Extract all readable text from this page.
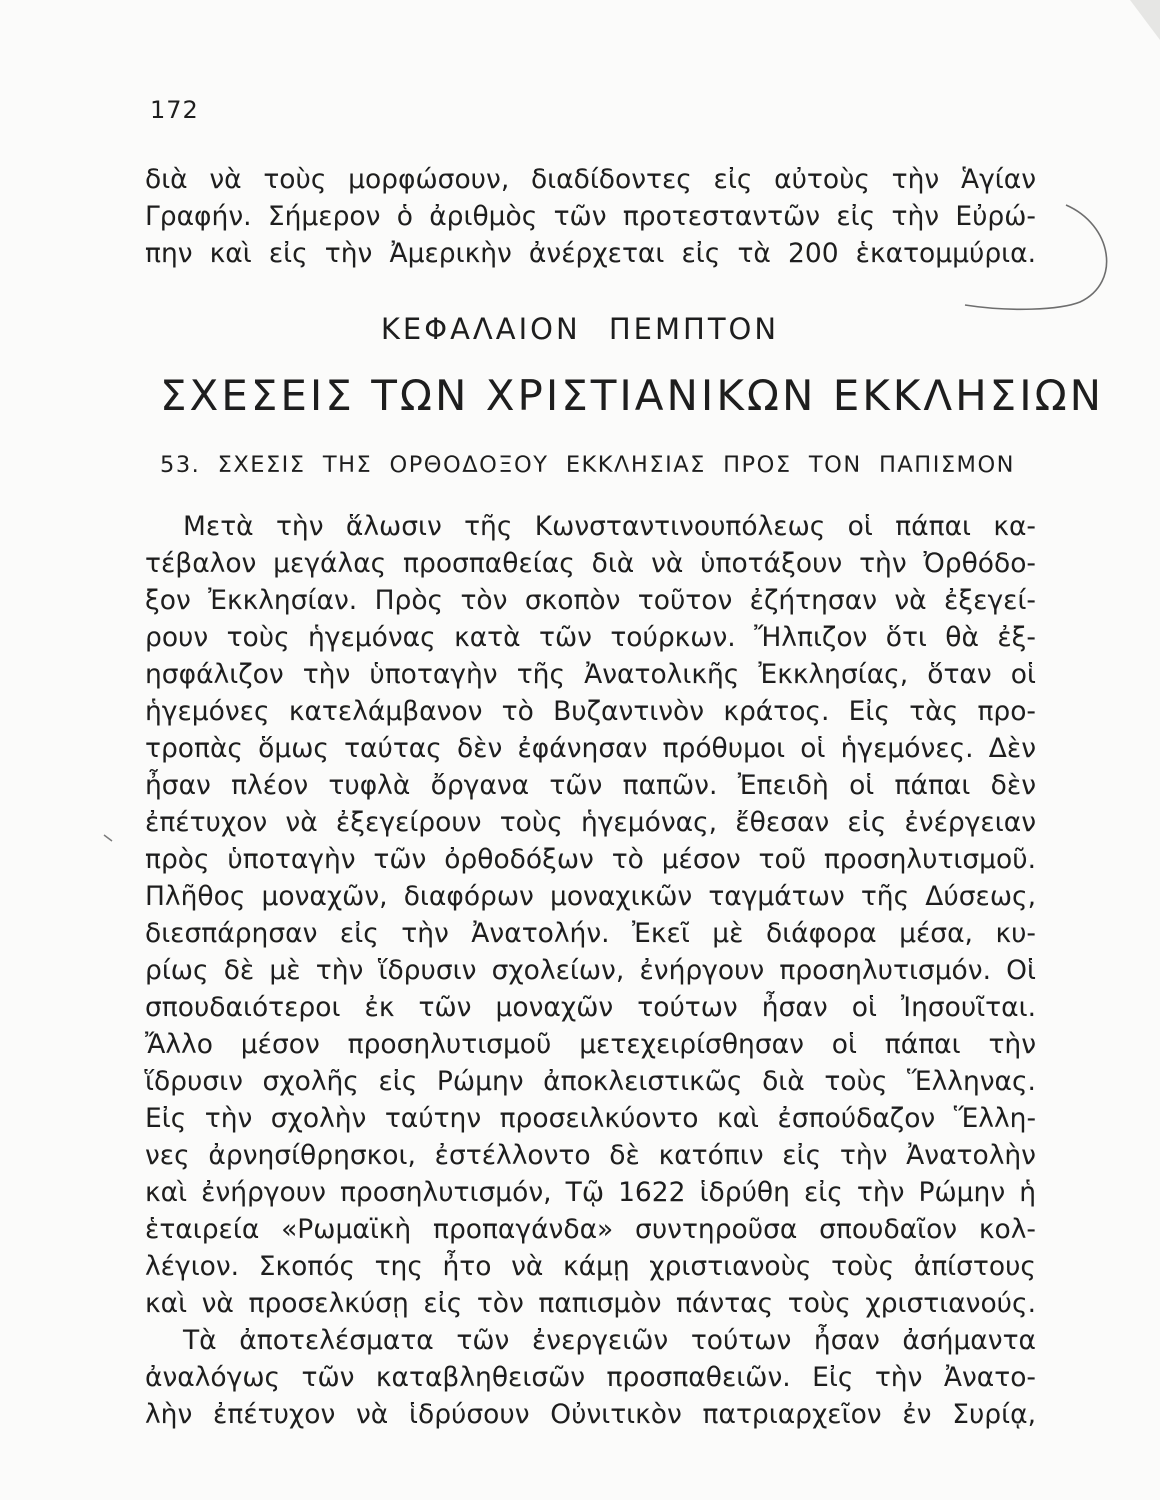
172
διὰ νὰ τοὺς μορφώσουν, διαδίδοντες εἰς αὐτοὺς τὴν Ἁγίαν
Γραφήν. Σήμερον ὁ ἀριθμὸς τῶν προτεσταντῶν εἰς τὴν Εὐρώ-
πην καὶ εἰς τὴν Ἀμερικὴν ἀνέρχεται εἰς τὰ 200 ἑκατομμύρια.
ΚΕΦΑΛΑΙΟΝ ΠΕΜΠΤΟΝ
ΣΧΕΣΕΙΣ ΤΩΝ ΧΡΙΣΤΙΑΝΙΚΩΝ ΕΚΚΛΗΣΙΩΝ
53. ΣΧΕΣΙΣ ΤΗΣ ΟΡΘΟΔΟΞΟΥ ΕΚΚΛΗΣΙΑΣ ΠΡΟΣ ΤΟΝ ΠΑΠΙΣΜΟΝ
Μετὰ τὴν ἅλωσιν τῆς Κωνσταντινουπόλεως οἱ πάπαι κα-
τέβαλον μεγάλας προσπαθείας διὰ νὰ ὑποτάξουν τὴν Ὀρθόδο-
ξον Ἐκκλησίαν. Πρὸς τὸν σκοπὸν τοῦτον ἐζήτησαν νὰ ἐξεγεί-
ρουν τοὺς ἡγεμόνας κατὰ τῶν τούρκων. Ἤλπιζον ὅτι θὰ ἐξ-
ησφάλιζον τὴν ὑποταγὴν τῆς Ἀνατολικῆς Ἐκκλησίας, ὅταν οἱ
ἡγεμόνες κατελάμβανον τὸ Βυζαντινὸν κράτος. Εἰς τὰς προ-
τροπὰς ὅμως ταύτας δὲν ἐφάνησαν πρόθυμοι οἱ ἡγεμόνες. Δὲν
ἦσαν πλέον τυφλὰ ὄργανα τῶν παπῶν. Ἐπειδὴ οἱ πάπαι δὲν
ἐπέτυχον νὰ ἐξεγείρουν τοὺς ἡγεμόνας, ἔθεσαν εἰς ἐνέργειαν
πρὸς ὑποταγὴν τῶν ὀρθοδόξων τὸ μέσον τοῦ προσηλυτισμοῦ.
Πλῆθος μοναχῶν, διαφόρων μοναχικῶν ταγμάτων τῆς Δύσεως,
διεσπάρησαν εἰς τὴν Ἀνατολήν. Ἐκεῖ μὲ διάφορα μέσα, κυ-
ρίως δὲ μὲ τὴν ἵδρυσιν σχολείων, ἐνήργουν προσηλυτισμόν. Οἱ
σπουδαιότεροι ἐκ τῶν μοναχῶν τούτων ἦσαν οἱ Ἰησουῖται.
Ἄλλο μέσον προσηλυτισμοῦ μετεχειρίσθησαν οἱ πάπαι τὴν
ἵδρυσιν σχολῆς εἰς Ρώμην ἀποκλειστικῶς διὰ τοὺς Ἕλληνας.
Εἰς τὴν σχολὴν ταύτην προσειλκύοντο καὶ ἐσπούδαζον Ἕλλη-
νες ἀρνησίθρησκοι, ἐστέλλοντο δὲ κατόπιν εἰς τὴν Ἀνατολὴν
καὶ ἐνήργουν προσηλυτισμόν, Τῷ 1622 ἱδρύθη εἰς τὴν Ρώμην ἡ
ἑταιρεία «Ρωμαϊκὴ προπαγάνδα» συντηροῦσα σπουδαῖον κολ-
λέγιον. Σκοπός της ἦτο νὰ κάμῃ χριστιανοὺς τοὺς ἀπίστους
καὶ νὰ προσελκύσῃ εἰς τὸν παπισμὸν πάντας τοὺς χριστιανούς.
Τὰ ἀποτελέσματα τῶν ἐνεργειῶν τούτων ἦσαν ἀσήμαντα
ἀναλόγως τῶν καταβληθεισῶν προσπαθειῶν. Εἰς τὴν Ἀνατο-
λὴν ἐπέτυχον νὰ ἱδρύσουν Οὐνιτικὸν πατριαρχεῖον ἐν Συρίᾳ,
